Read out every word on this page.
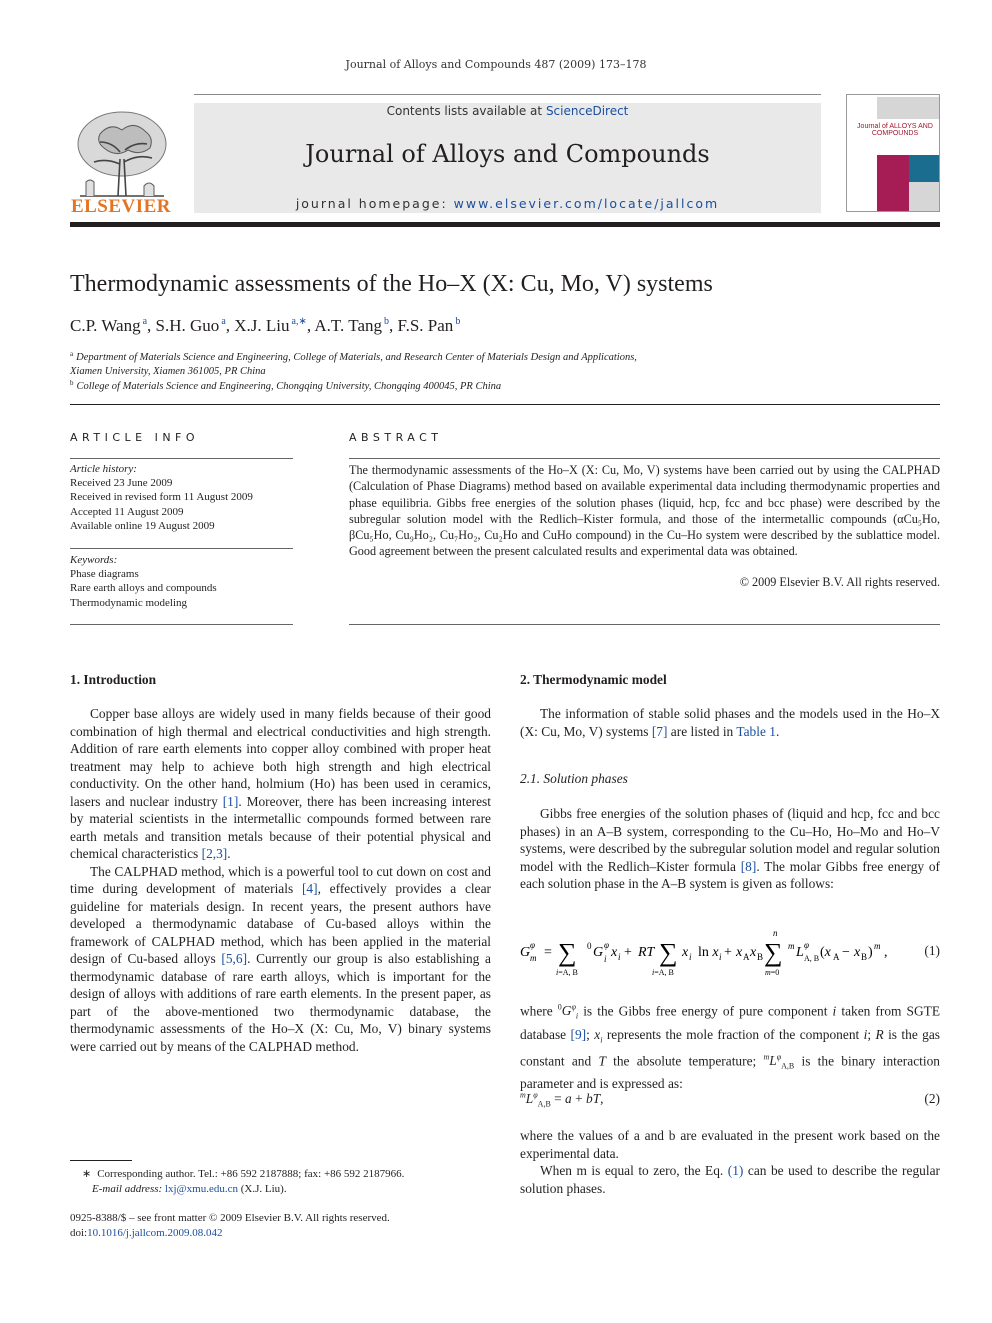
Journal of Alloys and Compounds 487 (2009) 173–178
ELSEVIER
Contents lists available at ScienceDirect
Journal of Alloys and Compounds
journal homepage: www.elsevier.com/locate/jallcom
Journal of ALLOYS AND COMPOUNDS
Thermodynamic assessments of the Ho–X (X: Cu, Mo, V) systems
C.P. Wang $^a$, S.H. Guo $^a$, X.J. Liu $^{a,∗}$, A.T. Tang $^b$, F.S. Pan $^b$
$^a$ Department of Materials Science and Engineering, College of Materials, and Research Center of Materials Design and Applications,
Xiamen University, Xiamen 361005, PR China
$^b$ College of Materials Science and Engineering, Chongqing University, Chongqing 400045, PR China
ARTICLE INFO
Article history:
Received 23 June 2009
Received in revised form 11 August 2009
Accepted 11 August 2009
Available online 19 August 2009
Keywords:
Phase diagrams
Rare earth alloys and compounds
Thermodynamic modeling
ABSTRACT
The thermodynamic assessments of the Ho–X (X: Cu, Mo, V) systems have been carried out by using the CALPHAD (Calculation of Phase Diagrams) method based on available experimental data including thermodynamic properties and phase equilibria. Gibbs free energies of the solution phases (liquid, hcp, fcc and bcc phase) were described by the subregular solution model with the Redlich–Kister formula, and those of the intermetallic compounds (αCu₅Ho, βCu₅Ho, Cu₉Ho₂, Cu₇Ho₂, Cu₂Ho and CuHo compound) in the Cu–Ho system were described by the sublattice model. Good agreement between the present calculated results and experimental data was obtained.
© 2009 Elsevier B.V. All rights reserved.
1. Introduction

Copper base alloys are widely used in many fields because of their good combination of high thermal and electrical conductivities and high strength. Addition of rare earth elements into copper alloy combined with proper heat treatment may help to achieve both high strength and high electrical conductivity. On the other hand, holmium (Ho) has been used in ceramics, lasers and nuclear industry [1]. Moreover, there has been increasing interest by material scientists in the intermetallic compounds formed between rare earth metals and transition metals because of their potential physical and chemical characteristics [2,3].

The CALPHAD method, which is a powerful tool to cut down on cost and time during development of materials [4], effectively provides a clear guideline for materials design. In recent years, the present authors have developed a thermodynamic database of Cu-based alloys within the framework of CALPHAD method, which has been applied in the material design of Cu-based alloys [5,6]. Currently our group is also establishing a thermodynamic database of rare earth alloys, which is important for the design of alloys with additions of rare earth elements. In the present paper, as part of the above-mentioned two thermodynamic database, the thermodynamic assessments of the Ho–X (X: Cu, Mo, V) binary systems were carried out by means of the CALPHAD method.

∗ Corresponding author. Tel.: +86 592 2187888; fax: +86 592 2187966.
E-mail address: lxj@xmu.edu.cn (X.J. Liu).
0925-8388/$ – see front matter © 2009 Elsevier B.V. All rights reserved.
doi:10.1016/j.jallcom.2009.08.042
2. Thermodynamic model

The information of stable solid phases and the models used in the Ho–X (X: Cu, Mo, V) systems [7] are listed in Table 1.

2.1. Solution phases

Gibbs free energies of the solution phases of (liquid and hcp, fcc and bcc phases) in an A–B system, corresponding to the Cu–Ho, Ho–Mo and Ho–V systems, were described by the subregular solution model and regular solution model with the Redlich–Kister formula [8]. The molar Gibbs free energy of each solution phase in the A–B system is given as follows:

G φ
m = ∑
i=A, B
0 G φ
i x i + RT ∑
i=A, B
x i ln x i + x A x B ∑
n
m=0
m L φ
A, B (x A − x B ) m ,	(1)

where $^0G^\varphi_i$ is the Gibbs free energy of pure component i taken from SGTE database [9]; $x_i$ represents the mole fraction of the component i; R is the gas constant and T the absolute temperature; $^mL^\varphi_{A,B}$ is the binary interaction parameter and is expressed as:

$^mL^\varphi_{A,B} = a$ + bT,	(2)

where the values of a and b are evaluated in the present work based on the experimental data.

When m is equal to zero, the Eq. (1) can be used to describe the regular solution phases.
